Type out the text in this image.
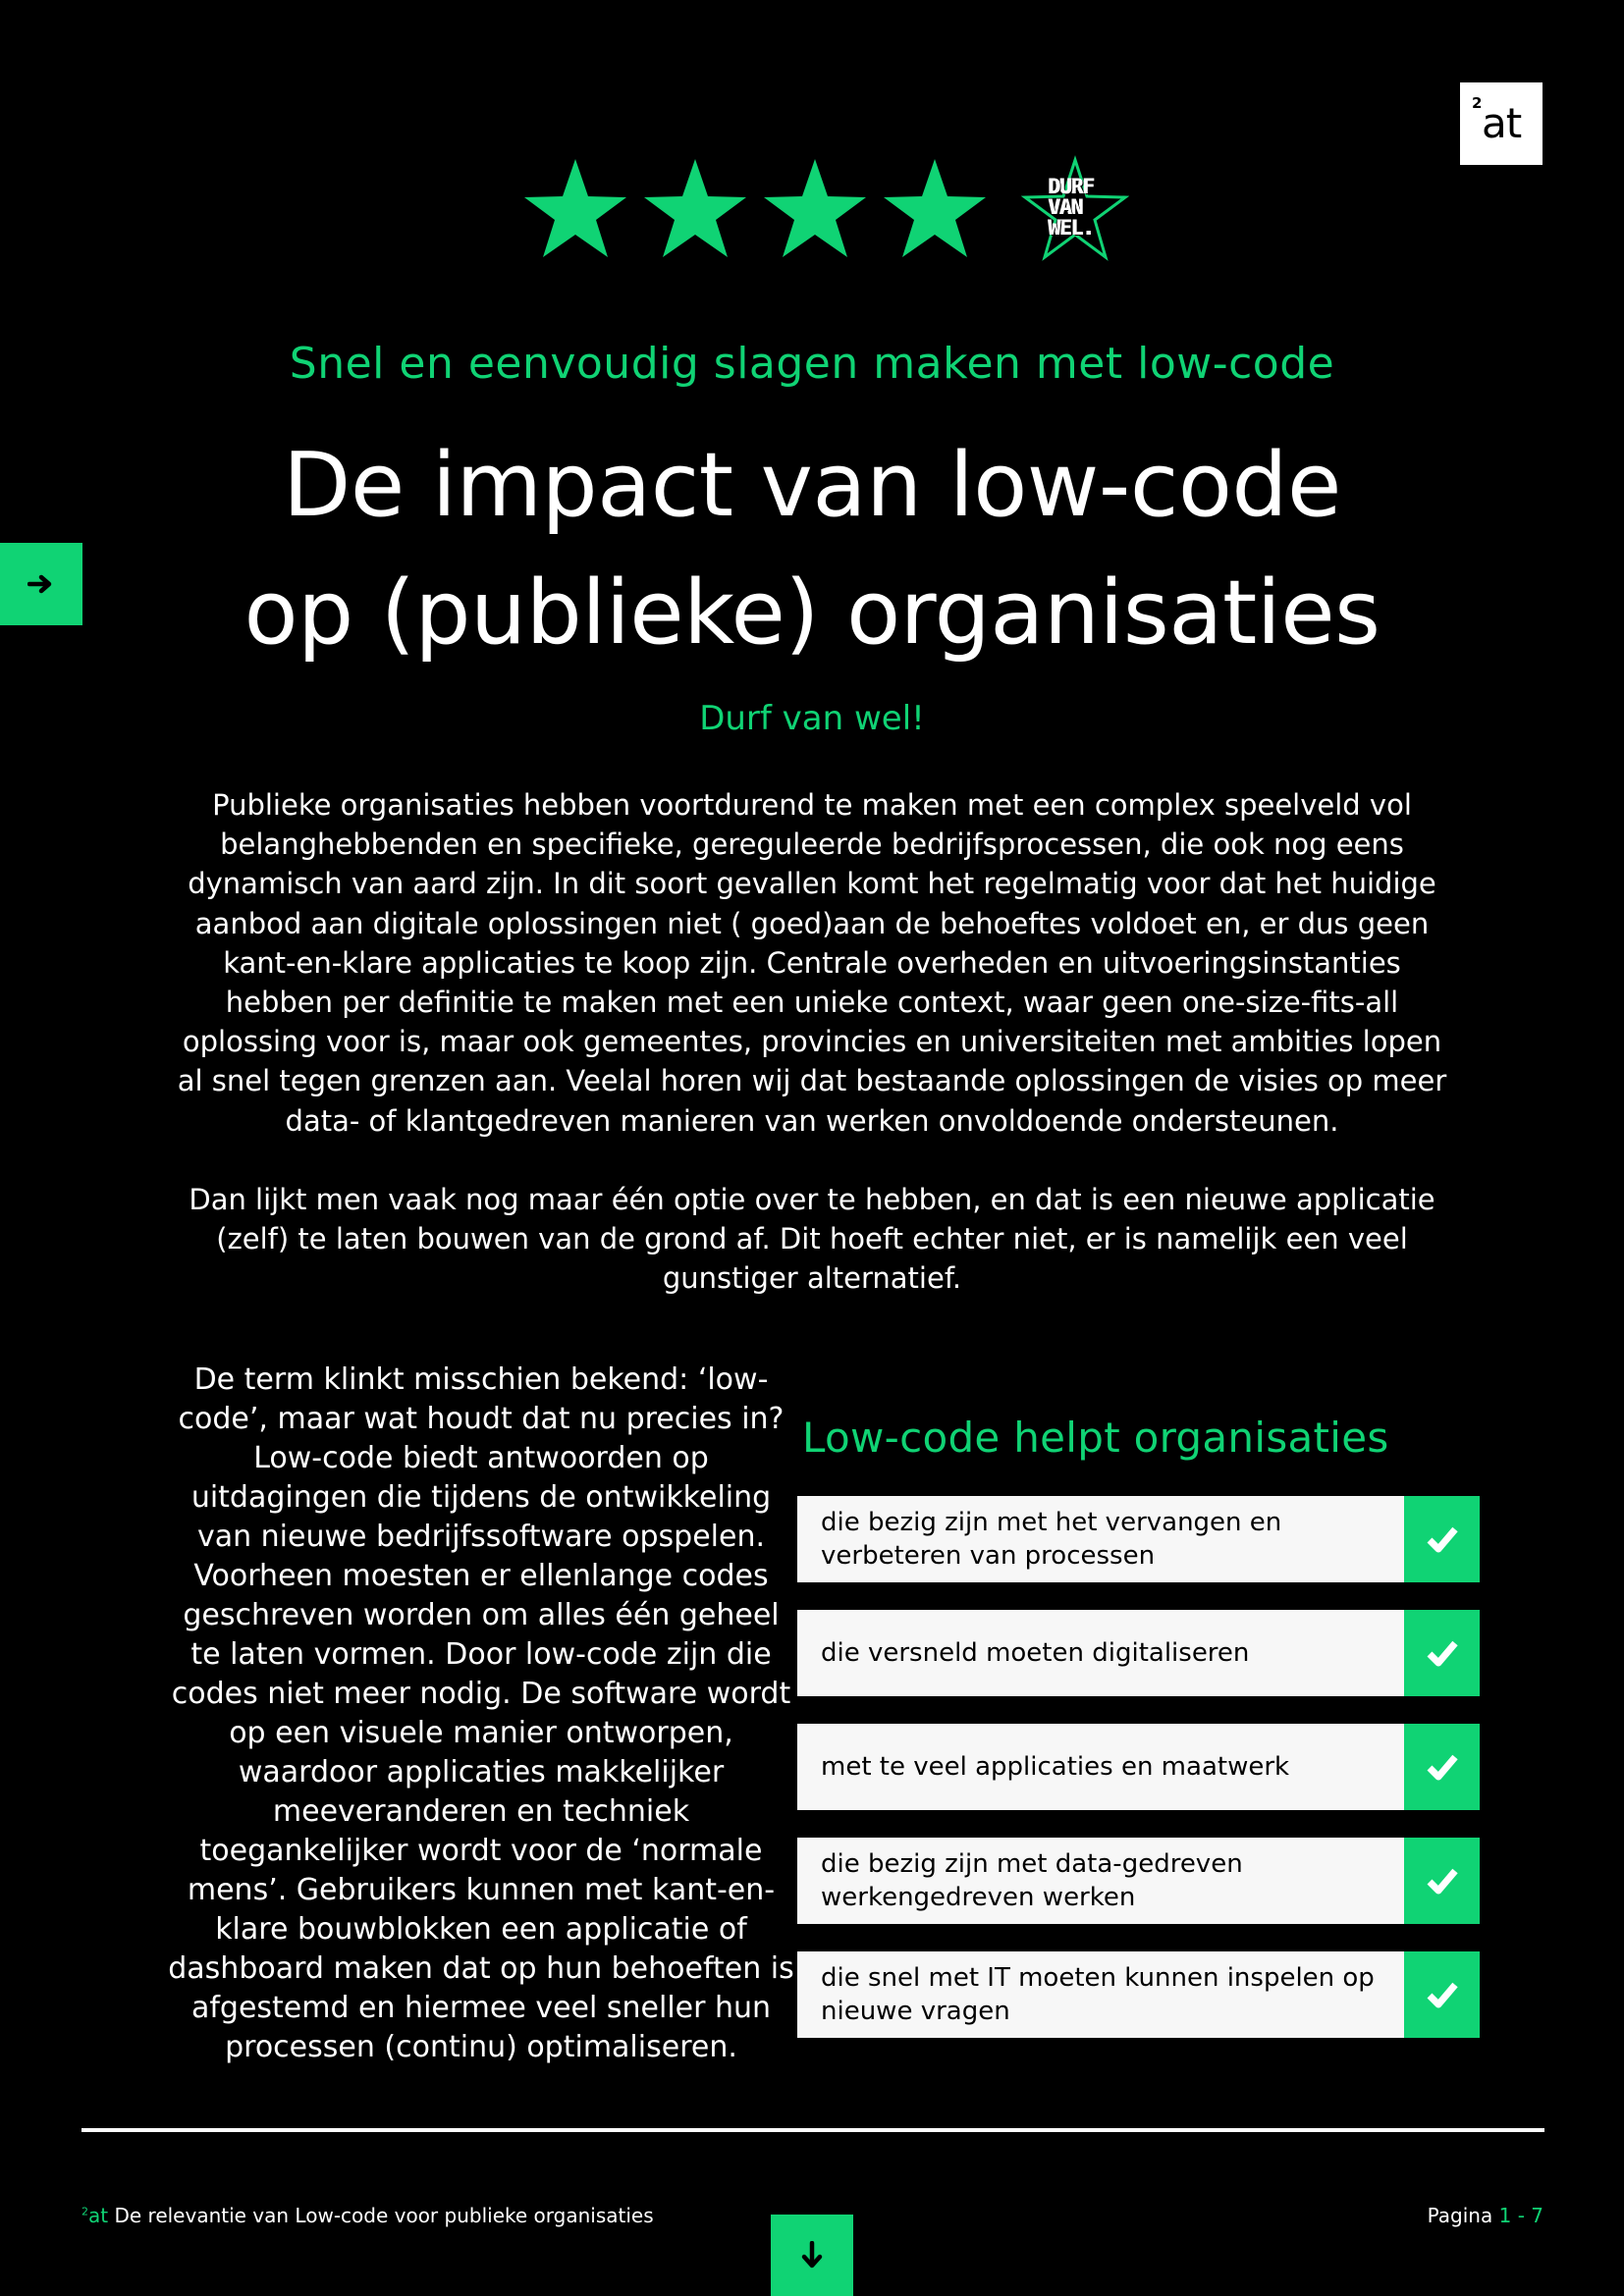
2 at
DURF
VAN
WEL.
Snel en eenvoudig slagen maken met low-code
De impact van low-code
op (publieke) organisaties
Durf van wel!

Publieke organisaties hebben voortdurend te maken met een complex speelveld vol belanghebbenden en specifieke, gereguleerde bedrijfsprocessen, die ook nog eens dynamisch van aard zijn. In dit soort gevallen komt het regelmatig voor dat het huidige aanbod aan digitale oplossingen niet ( goed)aan de behoeftes voldoet en, er dus geen kant-en-klare applicaties te koop zijn. Centrale overheden en uitvoeringsinstanties hebben per definitie te maken met een unieke context, waar geen one-size-fits-all oplossing voor is, maar ook gemeentes, provincies en universiteiten met ambities lopen al snel tegen grenzen aan. Veelal horen wij dat bestaande oplossingen de visies op meer data- of klantgedreven manieren van werken onvoldoende ondersteunen.

Dan lijkt men vaak nog maar één optie over te hebben, en dat is een nieuwe applicatie (zelf) te laten bouwen van de grond af. Dit hoeft echter niet, er is namelijk een veel gunstiger alternatief.

De term klinkt misschien bekend: ‘low-code’, maar wat houdt dat nu precies in?

Low-code biedt antwoorden op uitdagingen die tijdens de ontwikkeling van nieuwe bedrijfssoftware opspelen. Voorheen moesten er ellenlange codes geschreven worden om alles één geheel te laten vormen. Door low-code zijn die codes niet meer nodig. De software wordt op een visuele manier ontworpen, waardoor applicaties makkelijker meeveranderen en techniek toegankelijker wordt voor de ‘normale mens’. Gebruikers kunnen met kant-en-klare bouwblokken een applicatie of dashboard maken dat op hun behoeften is afgestemd en hiermee veel sneller hun processen (continu) optimaliseren.

Low-code helpt organisaties
die bezig zijn met het vervangen en verbeteren van processen
die versneld moeten digitaliseren
met te veel applicaties en maatwerk
die bezig zijn met data-gedreven werkengedreven werken
die snel met IT moeten kunnen inspelen op nieuwe vragen
$^2$at De relevantie van Low-code voor publieke organisaties	Pagina 1 - 7
